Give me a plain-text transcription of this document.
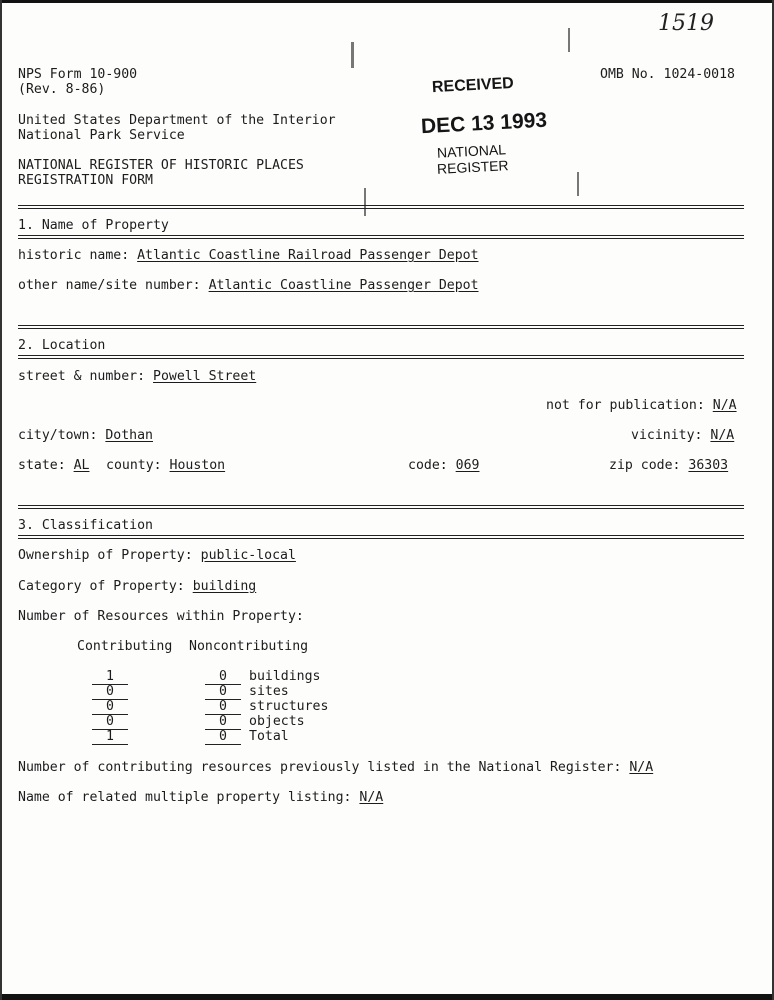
1519
NPS Form 10-900
(Rev. 8-86)
OMB No. 1024-0018
United States Department of the Interior
National Park Service
NATIONAL REGISTER OF HISTORIC PLACES
REGISTRATION FORM
RECEIVED
DEC 13 1993
NATIONAL
REGISTER
1. Name of Property
historic name: Atlantic Coastline Railroad Passenger Depot
other name/site number: Atlantic Coastline Passenger Depot
2. Location
street & number: Powell Street
not for publication: N/A
city/town: Dothan	vicinity: N/A
state: AL county: Houston	code: 069	zip code: 36303
3. Classification
Ownership of Property: public-local
Category of Property: building
Number of Resources within Property:
Contributing Noncontributing
1	0	buildings
0	0	sites
0	0	structures
0	0	objects
1	0	Total
Number of contributing resources previously listed in the National Register: N/A
Name of related multiple property listing: N/A
